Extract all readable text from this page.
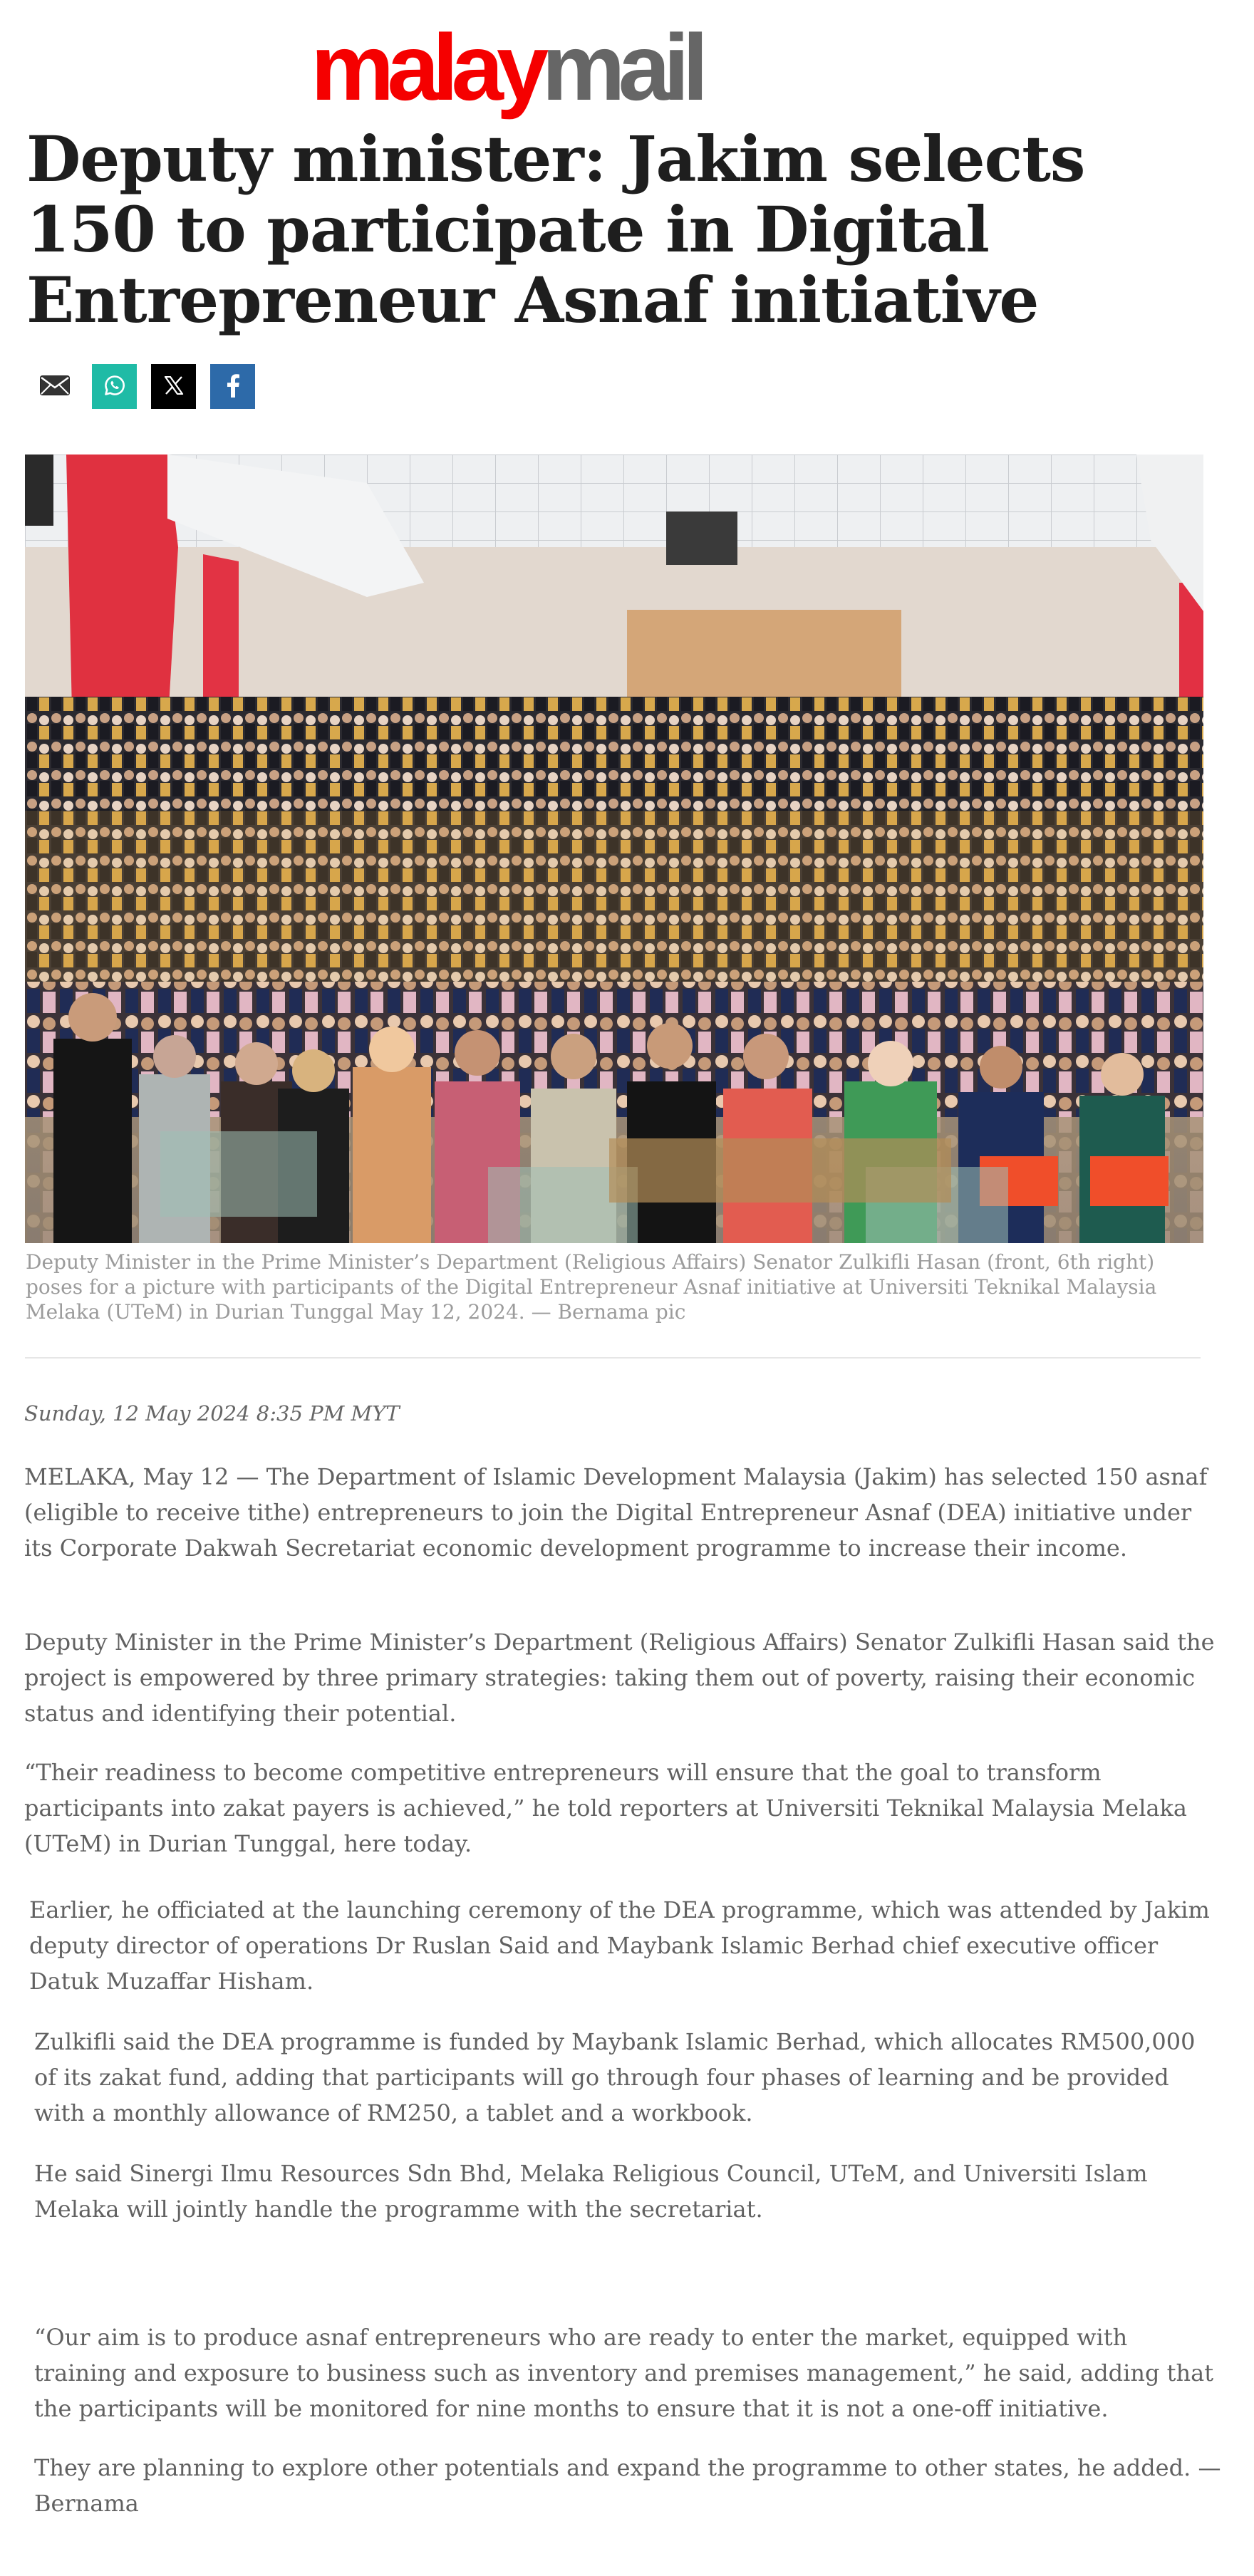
malaymail
Deputy minister: Jakim selects 150 to participate in Digital Entrepreneur Asnaf initiative

Deputy Minister in the Prime Minister’s Department (Religious Affairs) Senator Zulkifli Hasan (front, 6th right) poses for a picture with participants of the Digital Entrepreneur Asnaf initiative at Universiti Teknikal Malaysia Melaka (UTeM) in Durian Tunggal May 12, 2024. — Bernama pic

Sunday, 12 May 2024 8:35 PM MYT

MELAKA, May 12 — The Department of Islamic Development Malaysia (Jakim) has selected 150 asnaf (eligible to receive tithe) entrepreneurs to join the Digital Entrepreneur Asnaf (DEA) initiative under its Corporate Dakwah Secretariat economic development programme to increase their income.

Deputy Minister in the Prime Minister’s Department (Religious Affairs) Senator Zulkifli Hasan said the project is empowered by three primary strategies: taking them out of poverty, raising their economic status and identifying their potential.

“Their readiness to become competitive entrepreneurs will ensure that the goal to transform participants into zakat payers is achieved,” he told reporters at Universiti Teknikal Malaysia Melaka (UTeM) in Durian Tunggal, here today.

Earlier, he officiated at the launching ceremony of the DEA programme, which was attended by Jakim deputy director of operations Dr Ruslan Said and Maybank Islamic Berhad chief executive officer Datuk Muzaffar Hisham.

Zulkifli said the DEA programme is funded by Maybank Islamic Berhad, which allocates RM500,000 of its zakat fund, adding that participants will go through four phases of learning and be provided with a monthly allowance of RM250, a tablet and a workbook.

He said Sinergi Ilmu Resources Sdn Bhd, Melaka Religious Council, UTeM, and Universiti Islam Melaka will jointly handle the programme with the secretariat.

“Our aim is to produce asnaf entrepreneurs who are ready to enter the market, equipped with training and exposure to business such as inventory and premises management,” he said, adding that the participants will be monitored for nine months to ensure that it is not a one-off initiative.

They are planning to explore other potentials and expand the programme to other states, he added. — Bernama
